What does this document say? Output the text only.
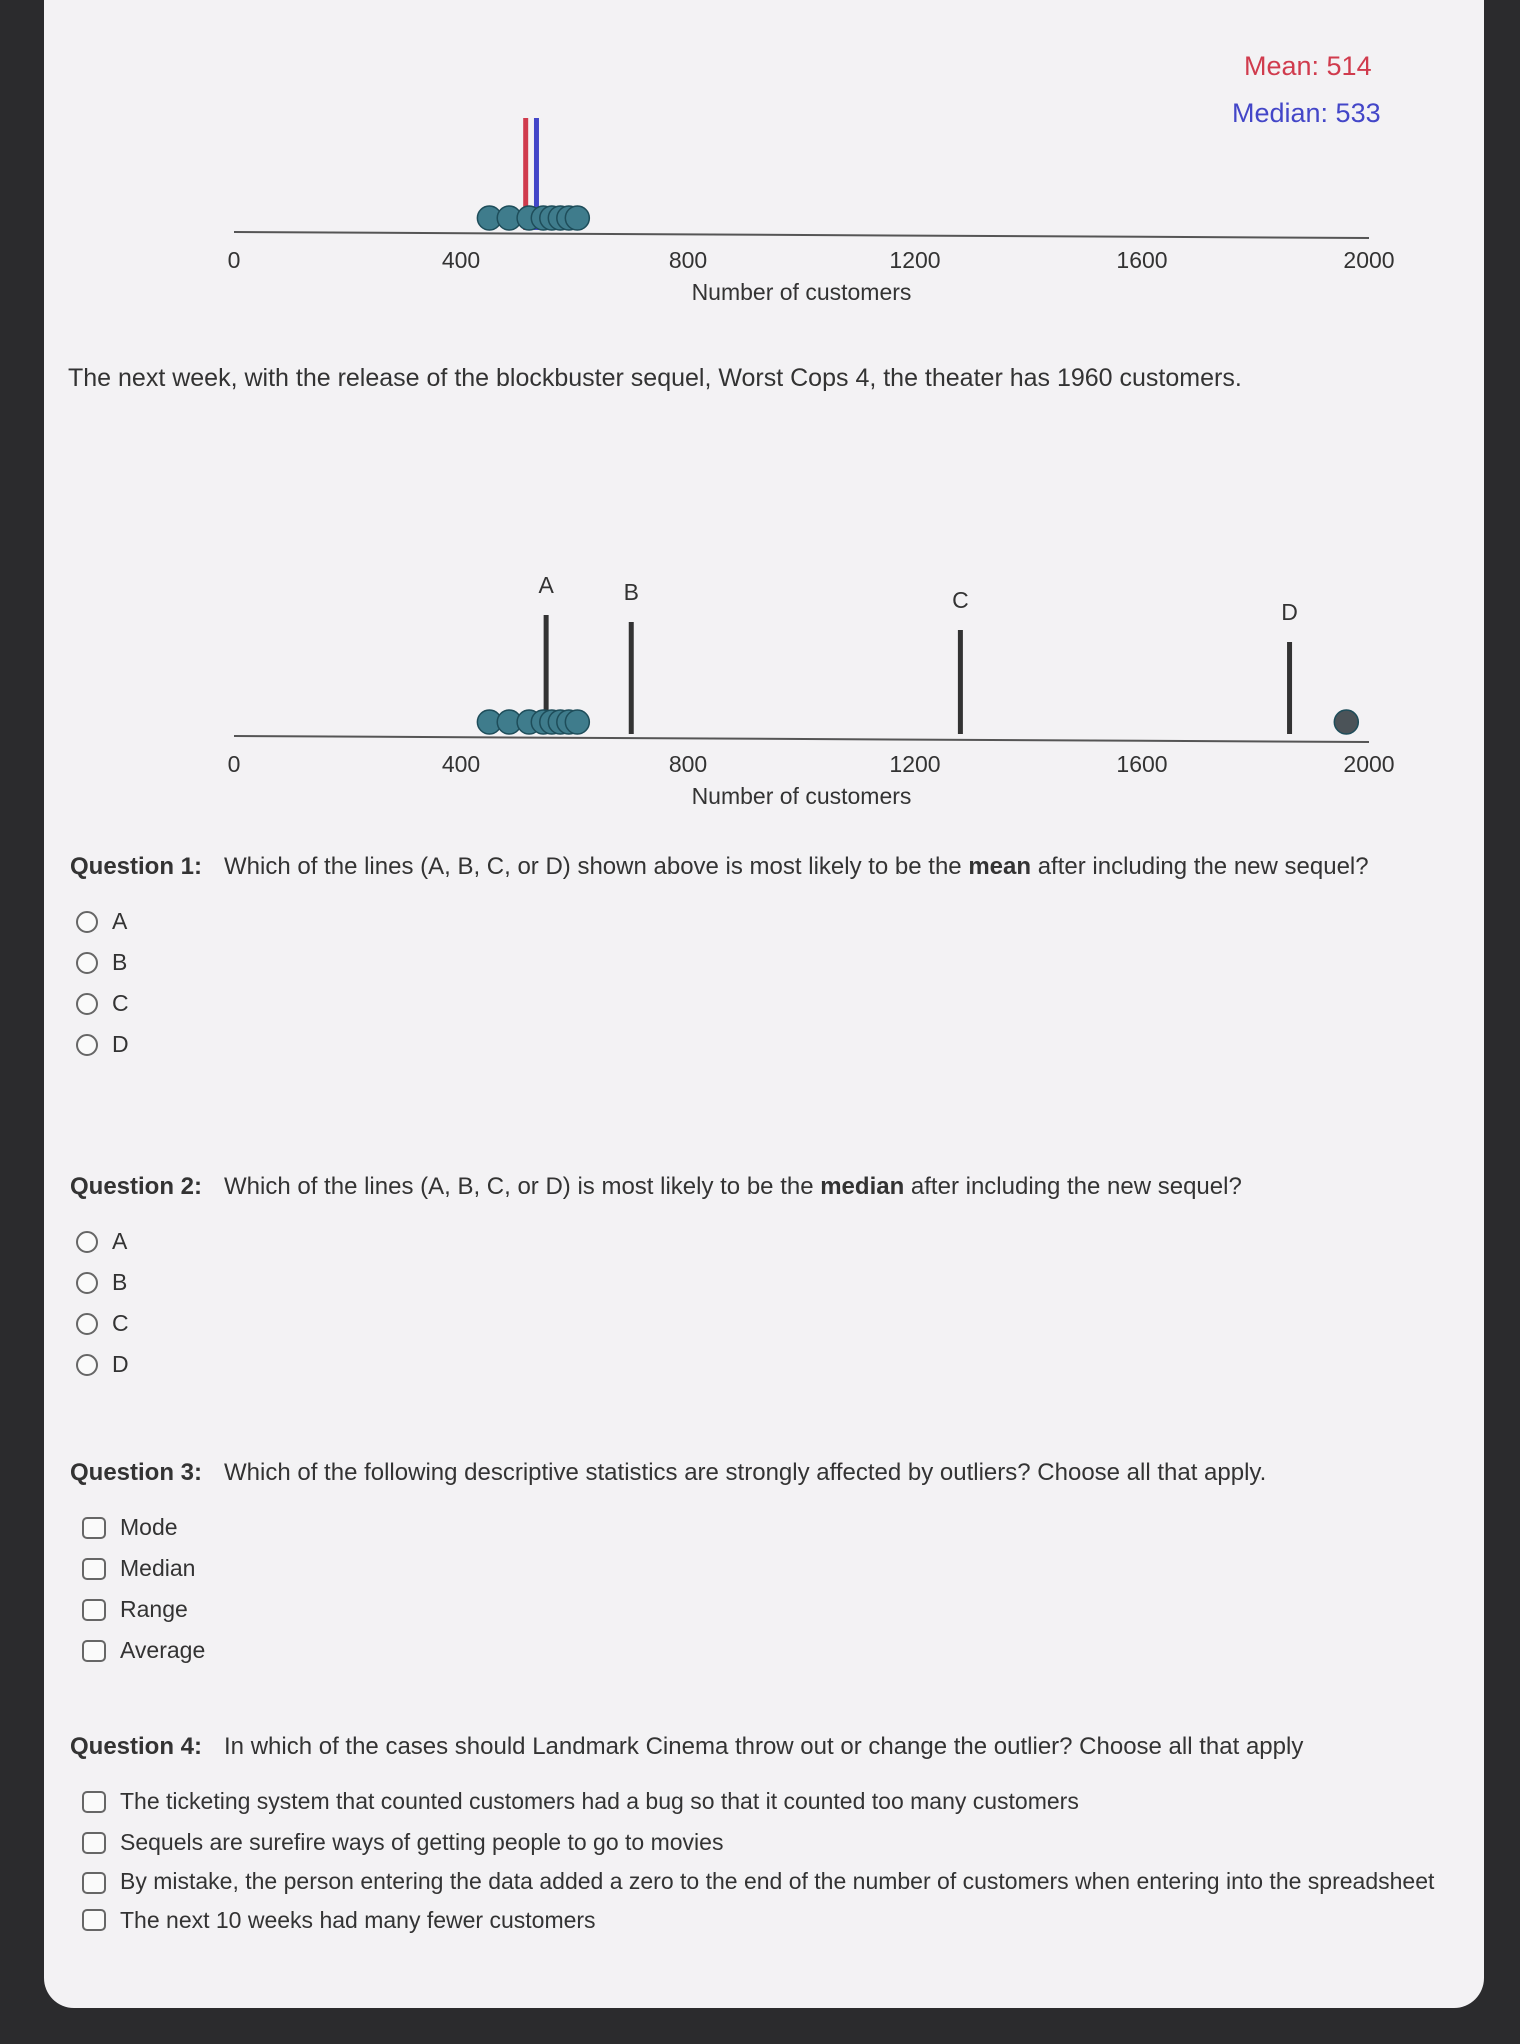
0	400	800	1200	1600	2000
Number of customers
Mean: 514
Median: 533
The next week, with the release of the blockbuster sequel, Worst Cops 4, the theater has 1960 customers.
0	400	800	1200	1600	2000
Number of customers
A	B	C	D
Question 1: Which of the lines (A, B, C, or D) shown above is most likely to be the mean after including the new sequel?
A
B
C
D
Question 2: Which of the lines (A, B, C, or D) is most likely to be the median after including the new sequel?
A
B
C
D
Question 3: Which of the following descriptive statistics are strongly affected by outliers? Choose all that apply.
Mode
Median
Range
Average
Question 4: In which of the cases should Landmark Cinema throw out or change the outlier? Choose all that apply
The ticketing system that counted customers had a bug so that it counted too many customers
Sequels are surefire ways of getting people to go to movies
By mistake, the person entering the data added a zero to the end of the number of customers when entering into the spreadsheet
The next 10 weeks had many fewer customers
